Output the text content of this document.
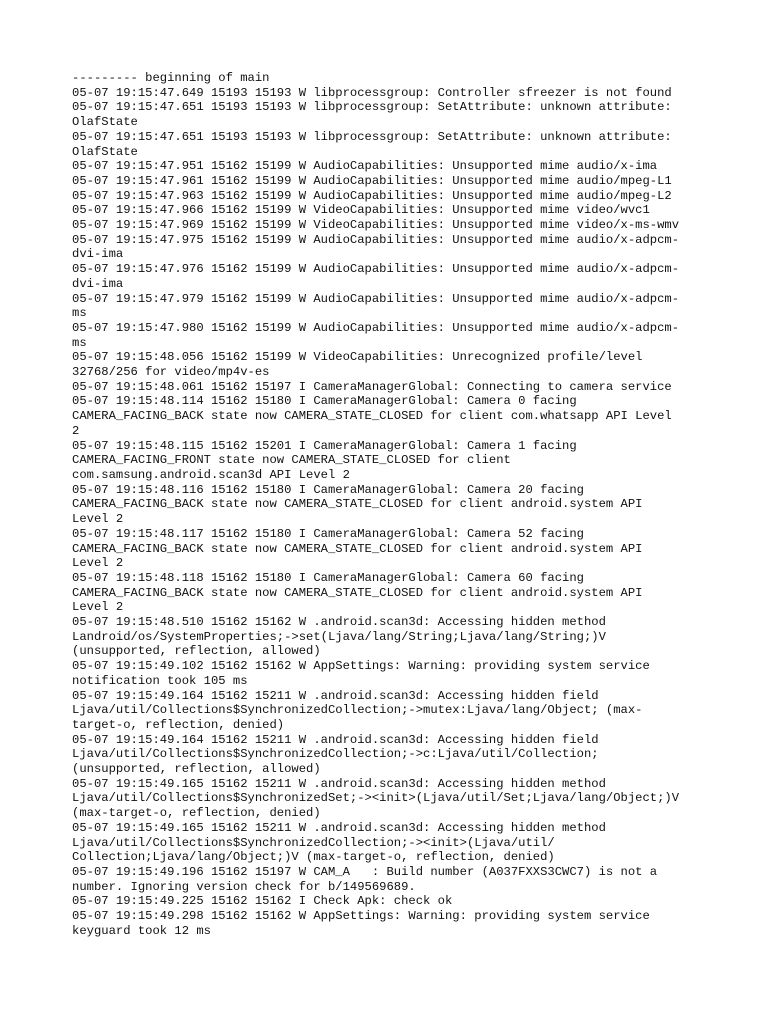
--------- beginning of main
05-07 19:15:47.649 15193 15193 W libprocessgroup: Controller sfreezer is not found
05-07 19:15:47.651 15193 15193 W libprocessgroup: SetAttribute: unknown attribute:
OlafState
05-07 19:15:47.651 15193 15193 W libprocessgroup: SetAttribute: unknown attribute:
OlafState
05-07 19:15:47.951 15162 15199 W AudioCapabilities: Unsupported mime audio/x-ima
05-07 19:15:47.961 15162 15199 W AudioCapabilities: Unsupported mime audio/mpeg-L1
05-07 19:15:47.963 15162 15199 W AudioCapabilities: Unsupported mime audio/mpeg-L2
05-07 19:15:47.966 15162 15199 W VideoCapabilities: Unsupported mime video/wvc1
05-07 19:15:47.969 15162 15199 W VideoCapabilities: Unsupported mime video/x-ms-wmv
05-07 19:15:47.975 15162 15199 W AudioCapabilities: Unsupported mime audio/x-adpcm-
dvi-ima
05-07 19:15:47.976 15162 15199 W AudioCapabilities: Unsupported mime audio/x-adpcm-
dvi-ima
05-07 19:15:47.979 15162 15199 W AudioCapabilities: Unsupported mime audio/x-adpcm-
ms
05-07 19:15:47.980 15162 15199 W AudioCapabilities: Unsupported mime audio/x-adpcm-
ms
05-07 19:15:48.056 15162 15199 W VideoCapabilities: Unrecognized profile/level
32768/256 for video/mp4v-es
05-07 19:15:48.061 15162 15197 I CameraManagerGlobal: Connecting to camera service
05-07 19:15:48.114 15162 15180 I CameraManagerGlobal: Camera 0 facing
CAMERA_FACING_BACK state now CAMERA_STATE_CLOSED for client com.whatsapp API Level
2
05-07 19:15:48.115 15162 15201 I CameraManagerGlobal: Camera 1 facing
CAMERA_FACING_FRONT state now CAMERA_STATE_CLOSED for client
com.samsung.android.scan3d API Level 2
05-07 19:15:48.116 15162 15180 I CameraManagerGlobal: Camera 20 facing
CAMERA_FACING_BACK state now CAMERA_STATE_CLOSED for client android.system API
Level 2
05-07 19:15:48.117 15162 15180 I CameraManagerGlobal: Camera 52 facing
CAMERA_FACING_BACK state now CAMERA_STATE_CLOSED for client android.system API
Level 2
05-07 19:15:48.118 15162 15180 I CameraManagerGlobal: Camera 60 facing
CAMERA_FACING_BACK state now CAMERA_STATE_CLOSED for client android.system API
Level 2
05-07 19:15:48.510 15162 15162 W .android.scan3d: Accessing hidden method
Landroid/os/SystemProperties;->set(Ljava/lang/String;Ljava/lang/String;)V
(unsupported, reflection, allowed)
05-07 19:15:49.102 15162 15162 W AppSettings: Warning: providing system service
notification took 105 ms
05-07 19:15:49.164 15162 15211 W .android.scan3d: Accessing hidden field
Ljava/util/Collections$SynchronizedCollection;->mutex:Ljava/lang/Object; (max-
target-o, reflection, denied)
05-07 19:15:49.164 15162 15211 W .android.scan3d: Accessing hidden field
Ljava/util/Collections$SynchronizedCollection;->c:Ljava/util/Collection;
(unsupported, reflection, allowed)
05-07 19:15:49.165 15162 15211 W .android.scan3d: Accessing hidden method
Ljava/util/Collections$SynchronizedSet;-><init>(Ljava/util/Set;Ljava/lang/Object;)V
(max-target-o, reflection, denied)
05-07 19:15:49.165 15162 15211 W .android.scan3d: Accessing hidden method
Ljava/util/Collections$SynchronizedCollection;-><init>(Ljava/util/
Collection;Ljava/lang/Object;)V (max-target-o, reflection, denied)
05-07 19:15:49.196 15162 15197 W CAM_A   : Build number (A037FXXS3CWC7) is not a
number. Ignoring version check for b/149569689.
05-07 19:15:49.225 15162 15162 I Check Apk: check ok
05-07 19:15:49.298 15162 15162 W AppSettings: Warning: providing system service
keyguard took 12 ms
